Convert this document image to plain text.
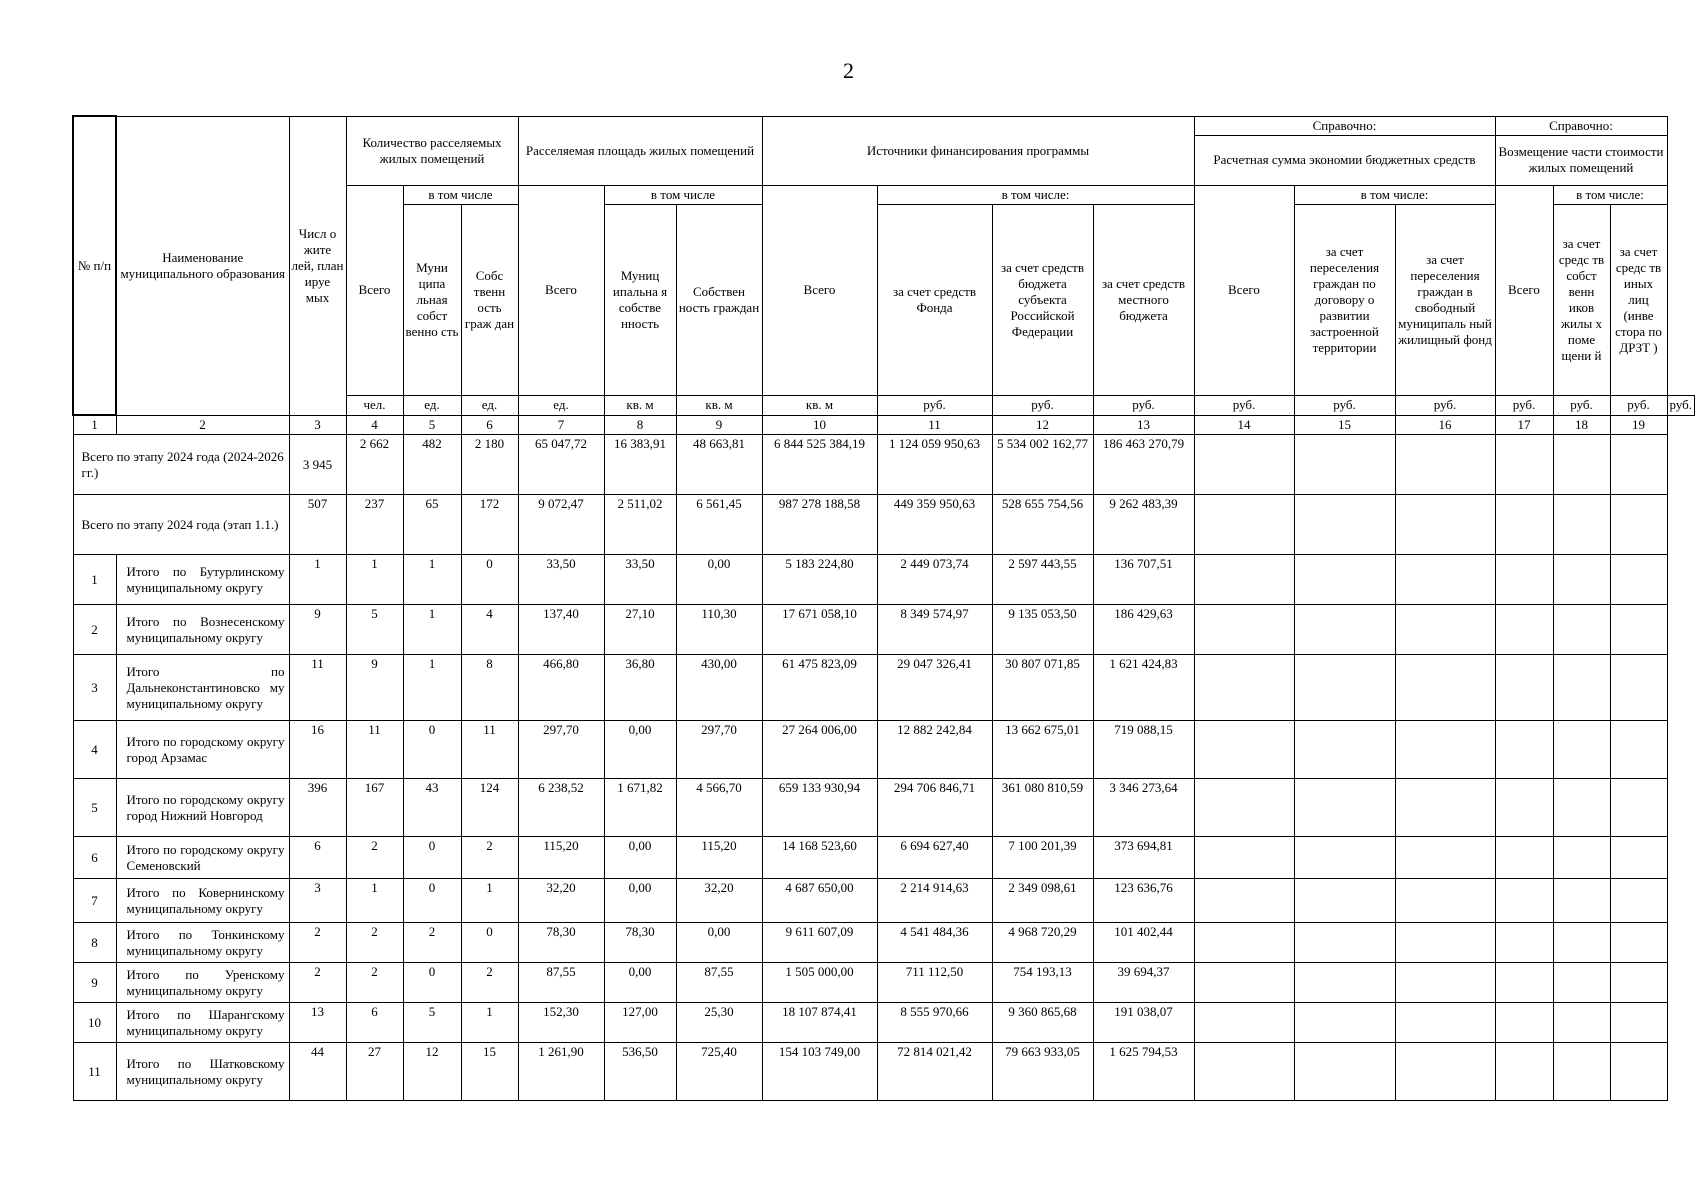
2
№ п/п	Наименование муниципального образования	Числ о жите лей, план ируе мых	Количество расселяемых жилых помещений			Расселяемая площадь жилых помещений			Источники финансирования программы				Справочно:			Справочно:			
													Расчетная сумма экономии бюджетных средств			Возмещение части стоимости жилых помещений			
			Всего	в том числе		Всего	в том числе		Всего	в том числе:			Всего	в том числе:		Всего	в том числе:		
				Муни ципа льная собст венно сть	Собс твенн ость граж дан		Муниц ипальна я собстве нность	Собствен ность граждан		за счет средств Фонда	за счет средств бюджета субъекта Российской Федерации	за счет средств местного бюджета		за счет переселения граждан по договору о развитии застроенной территории	за счет переселения граждан в свободный муниципаль ный жилищный фонд		за счет средс тв собст венн иков жилы х поме щени й	за счет средс тв иных лиц (инве стора по ДРЗТ )	
			чел.	ед.	ед.	ед.	кв. м	кв. м	кв. м	руб.	руб.	руб.	руб.	руб.	руб.	руб.	руб.	руб.	руб.
1	2	3	4	5	6	7	8	9	10	11	12	13	14	15	16	17	18	19	
Всего по этапу 2024 года (2024-2026 гг.)		3 945	2 662	482	2 180	65 047,72	16 383,91	48 663,81	6 844 525 384,19	1 124 059 950,63	5 534 002 162,77	186 463 270,79							
Всего по этапу 2024 года (этап 1.1.)		507	237	65	172	9 072,47	2 511,02	6 561,45	987 278 188,58	449 359 950,63	528 655 754,56	9 262 483,39							
1	Итого по Бутурлинскому муниципальному округу	1	1	1	0	33,50	33,50	0,00	5 183 224,80	2 449 073,74	2 597 443,55	136 707,51							
2	Итого по Вознесенскому муниципальному округу	9	5	1	4	137,40	27,10	110,30	17 671 058,10	8 349 574,97	9 135 053,50	186 429,63							
3	Итого по Дальнеконстантиновско му муниципальному округу	11	9	1	8	466,80	36,80	430,00	61 475 823,09	29 047 326,41	30 807 071,85	1 621 424,83							
4	Итого по городскому округу город Арзамас	16	11	0	11	297,70	0,00	297,70	27 264 006,00	12 882 242,84	13 662 675,01	719 088,15							
5	Итого по городскому округу город Нижний Новгород	396	167	43	124	6 238,52	1 671,82	4 566,70	659 133 930,94	294 706 846,71	361 080 810,59	3 346 273,64							
6	Итого по городскому округу Семеновский	6	2	0	2	115,20	0,00	115,20	14 168 523,60	6 694 627,40	7 100 201,39	373 694,81							
7	Итого по Ковернинскому муниципальному округу	3	1	0	1	32,20	0,00	32,20	4 687 650,00	2 214 914,63	2 349 098,61	123 636,76							
8	Итого по Тонкинскому муниципальному округу	2	2	2	0	78,30	78,30	0,00	9 611 607,09	4 541 484,36	4 968 720,29	101 402,44							
9	Итого по Уренскому муниципальному округу	2	2	0	2	87,55	0,00	87,55	1 505 000,00	711 112,50	754 193,13	39 694,37							
10	Итого по Шарангскому муниципальному округу	13	6	5	1	152,30	127,00	25,30	18 107 874,41	8 555 970,66	9 360 865,68	191 038,07							
11	Итого по Шатковскому муниципальному округу	44	27	12	15	1 261,90	536,50	725,40	154 103 749,00	72 814 021,42	79 663 933,05	1 625 794,53							
